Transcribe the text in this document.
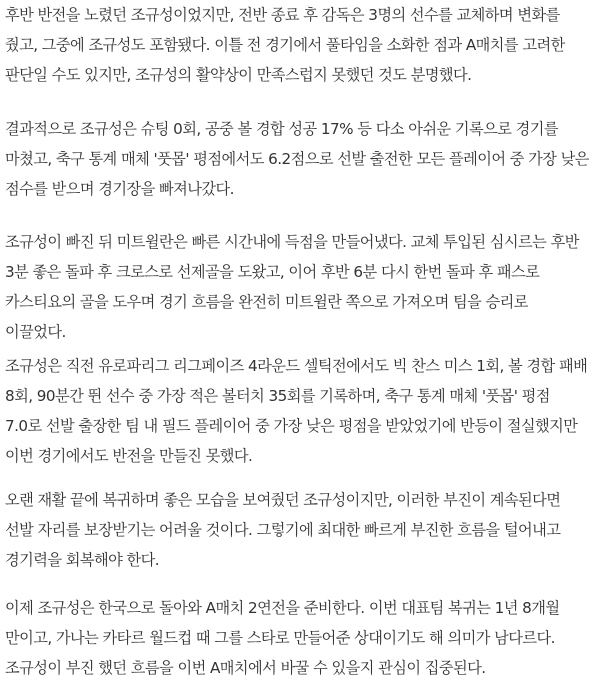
후반 반전을 노렸던 조규성이었지만, 전반 종료 후 감독은 3명의 선수를 교체하며 변화를 줬고, 그중에 조규성도 포함됐다. 이틀 전 경기에서 풀타임을 소화한 점과 A매치를 고려한 판단일 수도 있지만, 조규성의 활약상이 만족스럽지 못했던 것도 분명했다.

결과적으로 조규성은 슈팅 0회, 공중 볼 경합 성공 17% 등 다소 아쉬운 기록으로 경기를 마쳤고, 축구 통계 매체 '풋몹' 평점에서도 6.2점으로 선발 출전한 모든 플레이어 중 가장 낮은 점수를 받으며 경기장을 빠져나갔다.

조규성이 빠진 뒤 미트윌란은 빠른 시간내에 득점을 만들어냈다. 교체 투입된 심시르는 후반 3분 좋은 돌파 후 크로스로 선제골을 도왔고, 이어 후반 6분 다시 한번 돌파 후 패스로 카스티요의 골을 도우며 경기 흐름을 완전히 미트윌란 쪽으로 가져오며 팀을 승리로 이끌었다.

조규성은 직전 유로파리그 리그페이즈 4라운드 셀틱전에서도 빅 찬스 미스 1회, 볼 경합 패배 8회, 90분간 뛴 선수 중 가장 적은 볼터치 35회를 기록하며, 축구 통계 매체 '풋몹' 평점 7.0로 선발 출장한 팀 내 필드 플레이어 중 가장 낮은 평점을 받았었기에 반등이 절실했지만 이번 경기에서도 반전을 만들진 못했다.

오랜 재활 끝에 복귀하며 좋은 모습을 보여줬던 조규성이지만, 이러한 부진이 계속된다면 선발 자리를 보장받기는 어려울 것이다. 그렇기에 최대한 빠르게 부진한 흐름을 털어내고 경기력을 회복해야 한다.

이제 조규성은 한국으로 돌아와 A매치 2연전을 준비한다. 이번 대표팀 복귀는 1년 8개월 만이고, 가나는 카타르 월드컵 때 그를 스타로 만들어준 상대이기도 해 의미가 남다르다. 조규성이 부진 했던 흐름을 이번 A매치에서 바꿀 수 있을지 관심이 집중된다.
